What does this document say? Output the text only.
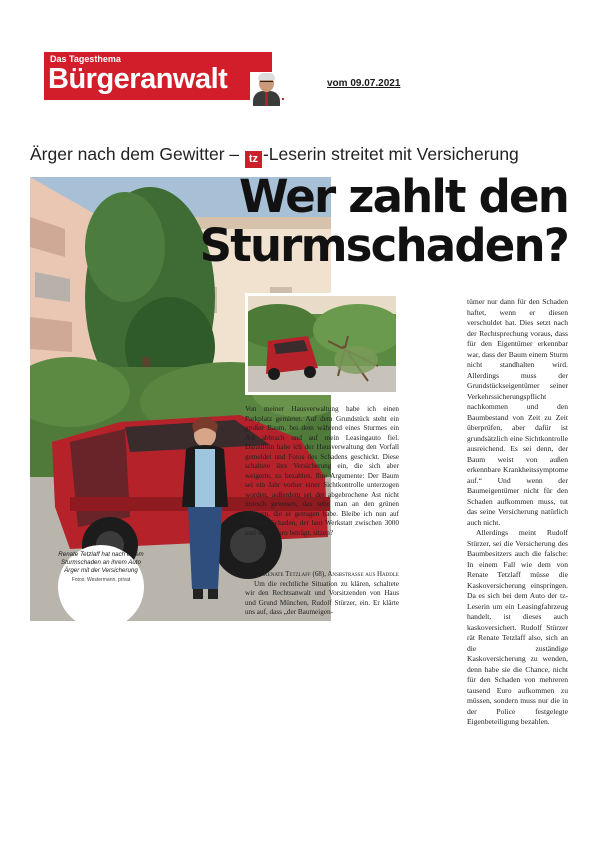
Das Tagesthema
Bürgeranwalt	vom 09.07.2021
Ärger nach dem Gewitter – tz -Leserin streitet mit Versicherung
Wer zahlt den
Sturmschaden?
Renate Tetzlaff hat nach einem Sturmschaden an ihrem Auto Ärger mit der Versicherung
Fotos: Westermann, privat

Von meiner Hausverwaltung habe ich einen Parkplatz gemietet. Auf dem Grundstück steht ein großer Baum, bei dem während eines Sturmes ein Ast abbrach und auf mein Leasingauto fiel. Daraufhin habe ich der Hausverwaltung den Vorfall gemeldet und Fotos des Schadens geschickt. Diese schaltete ihre Versicherung ein, die sich aber weigerte, zu bezahlen. Ihre Argumente: Der Baum sei ein Jahr vorher einer Sichtkontrolle unterzogen worden, außerdem sei der abgebrochene Ast nicht morsch gewesen, das sehe man an den grünen Blättern, die er getragen habe. Bleibe ich nun auf meinem Schaden, der laut Werkstatt zwischen 3000 und 4000 Euro beträgt, sitzen?

Renate Tetzlaff (68), Ansbstraße aus Haddle

Um die rechtliche Situation zu klären, schaltete wir den Rechtsanwalt und Vorsitzenden von Haus und Grund München, Rudolf Stürzer, ein. Er klärte uns auf, dass „der Baumeigen-

tümer nur dann für den Schaden haftet, wenn er diesen verschuldet hat. Dies setzt nach der Rechtsprechung voraus, dass für den Eigentümer erkennbar war, dass der Baum einem Sturm nicht standhalten wird. Allerdings muss der Grundstückseigentümer seiner Verkehrssicherungspflicht nachkommen und den Baumbestand von Zeit zu Zeit überprüfen, aber dafür ist grundsätzlich eine Sichtkontrolle ausreichend. Es sei denn, der Baum weist von außen erkennbare Krankheitssymptome auf.“ Und wenn der Baumeigentümer nicht für den Schaden aufkommen muss, tut das seine Versicherung natürlich auch nicht.

Allerdings meint Rudolf Stürzer, sei die Versicherung des Baumbesitzers auch die falsche: In einem Fall wie dem von Renate Tetzlaff müsse die Kaskoversicherung einspringen. Da es sich bei dem Auto der tz-Leserin um ein Leasingfahrzeug handelt, ist dieses auch kaskoversichert. Rudolf Stürzer rät Renate Tetzlaff also, sich an die zuständige Kaskoversicherung zu wenden, denn habe sie die Chance, nicht für den Schaden von mehreren tausend Euro aufkommen zu müssen, sondern muss nur die in der Police festgelegte Eigenbeteiligung bezahlen.
